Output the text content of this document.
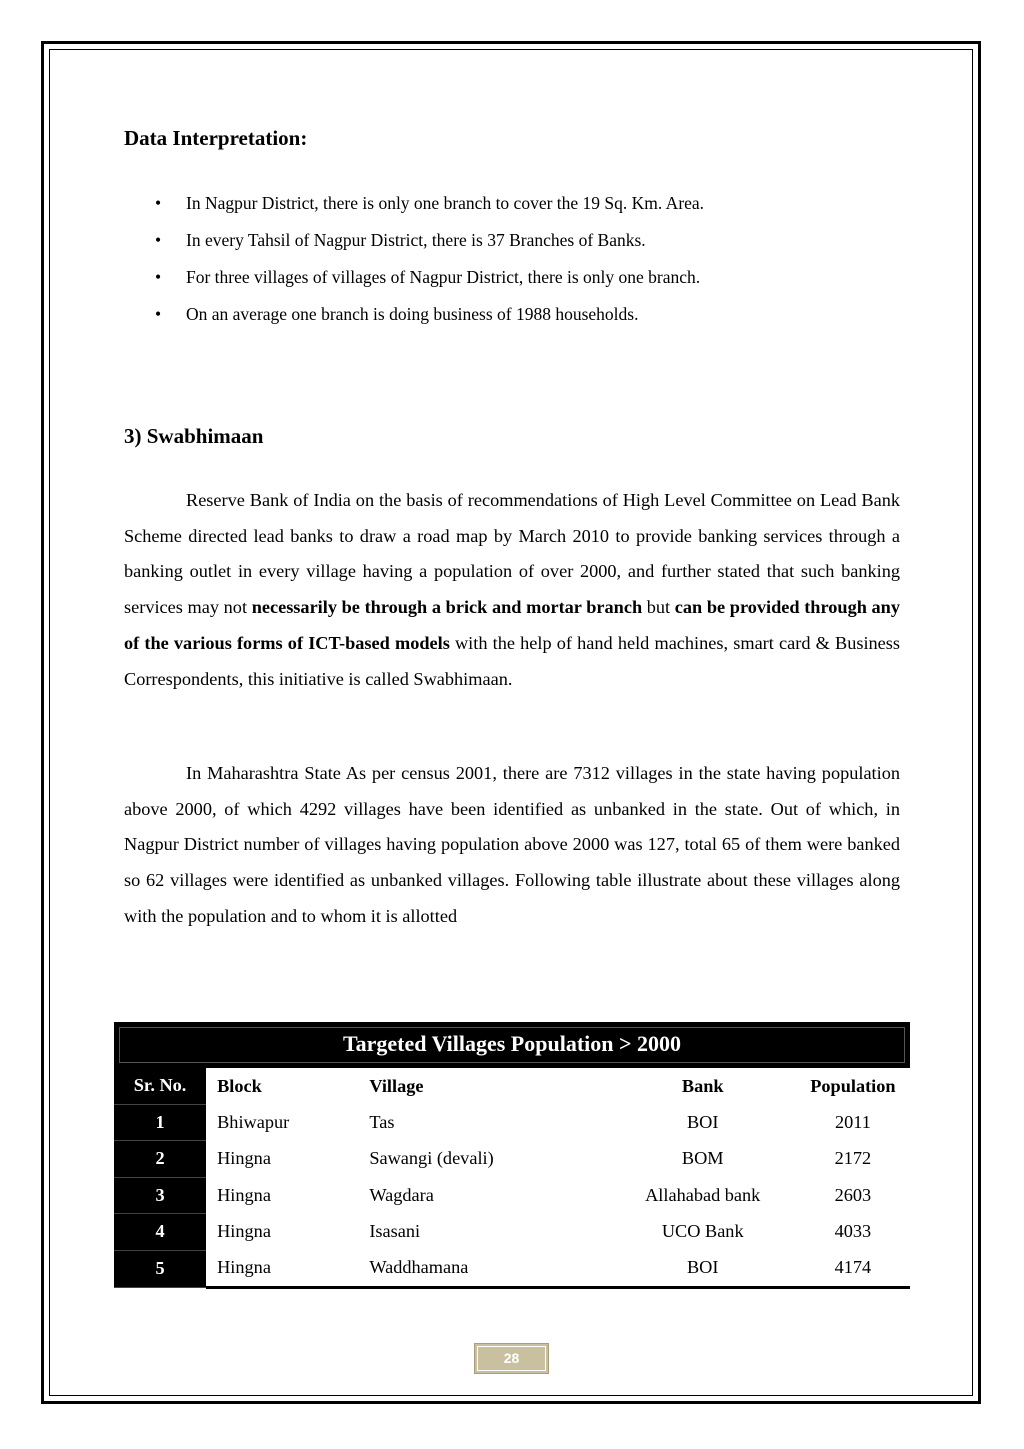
Data Interpretation:
• In Nagpur District, there is only one branch to cover the 19 Sq. Km. Area.
• In every Tahsil of Nagpur District, there is 37 Branches of Banks.
• For three villages of villages of Nagpur District, there is only one branch.
• On an average one branch is doing business of 1988 households.
3) Swabhimaan

Reserve Bank of India on the basis of recommendations of High Level Committee on Lead Bank Scheme directed lead banks to draw a road map by March 2010 to provide banking services through a banking outlet in every village having a population of over 2000, and further stated that such banking services may not necessarily be through a brick and mortar branch but can be provided through any of the various forms of ICT-based models with the help of hand held machines, smart card & Business Correspondents, this initiative is called Swabhimaan.

In Maharashtra State As per census 2001, there are 7312 villages in the state having population above 2000, of which 4292 villages have been identified as unbanked in the state. Out of which, in Nagpur District number of villages having population above 2000 was 127, total 65 of them were banked so 62 villages were identified as unbanked villages. Following table illustrate about these villages along with the population and to whom it is allotted

Targeted Villages Population > 2000
Sr. No.	Block	Village	Bank	Population
1	Bhiwapur	Tas	BOI	2011
2	Hingna	Sawangi (devali)	BOM	2172
3	Hingna	Wagdara	Allahabad bank	2603
4	Hingna	Isasani	UCO Bank	4033
5	Hingna	Waddhamana	BOI	4174
28
